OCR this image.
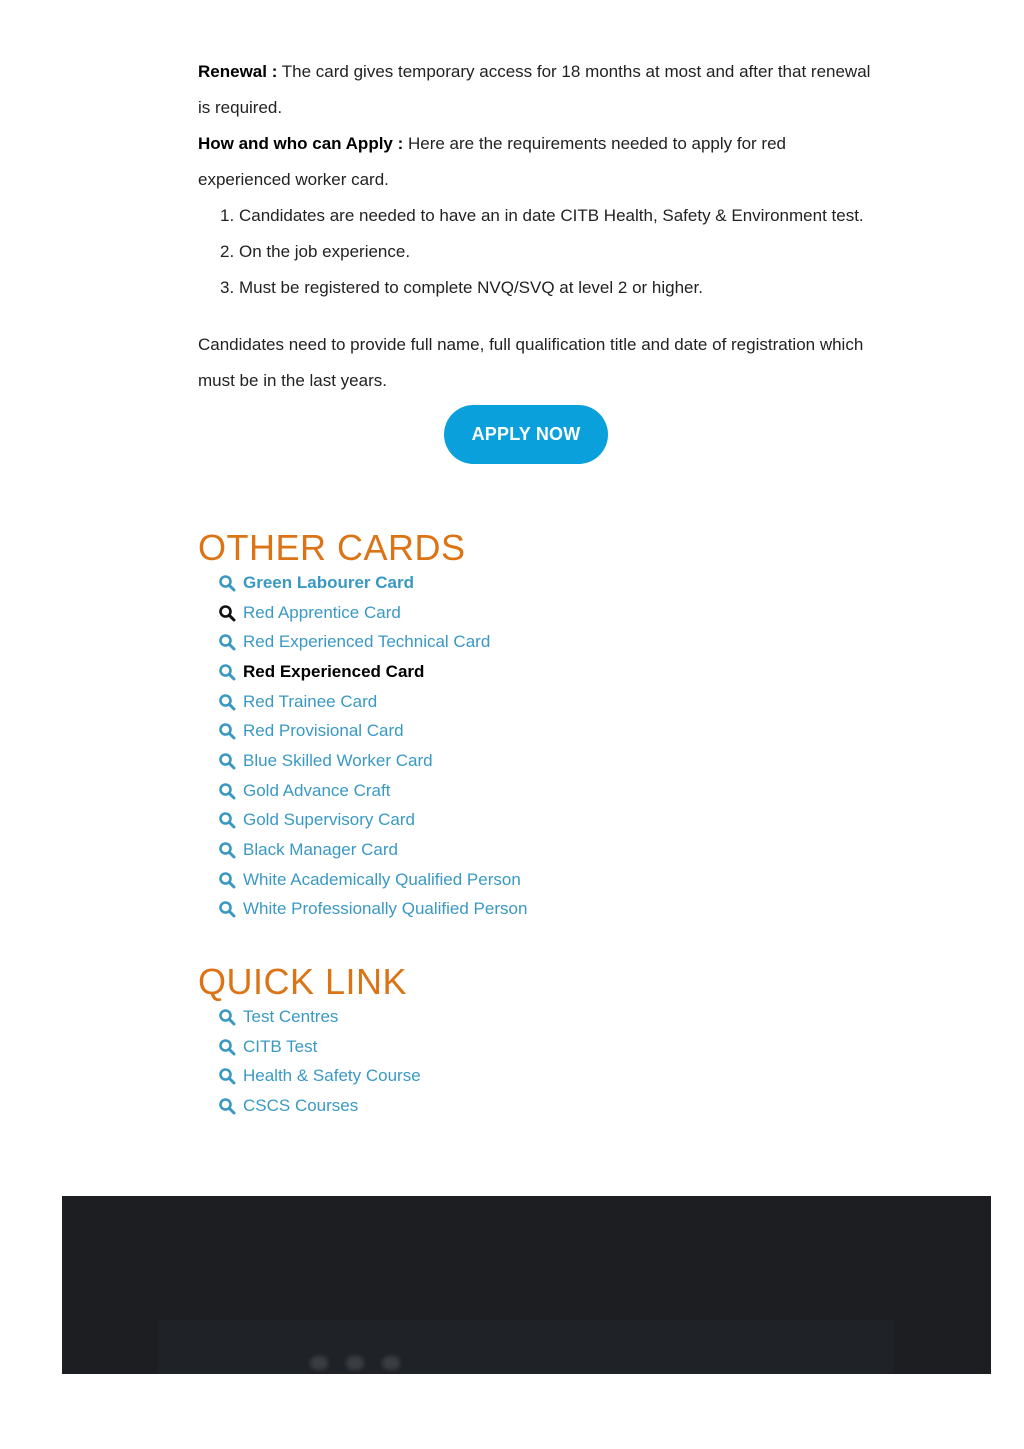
Renewal : The card gives temporary access for 18 months at most and after that renewal is required.

How and who can Apply : Here are the requirements needed to apply for red experienced worker card.

1. Candidates are needed to have an in date CITB Health, Safety & Environment test.
2. On the job experience.
3. Must be registered to complete NVQ/SVQ at level 2 or higher.

Candidates need to provide full name, full qualification title and date of registration which must be in the last years.

APPLY NOW
OTHER CARDS
Green Labourer Card
Red Apprentice Card
Red Experienced Technical Card
Red Experienced Card
Red Trainee Card
Red Provisional Card
Blue Skilled Worker Card
Gold Advance Craft
Gold Supervisory Card
Black Manager Card
White Academically Qualified Person
White Professionally Qualified Person
QUICK LINK
Test Centres
CITB Test
Health & Safety Course
CSCS Courses
